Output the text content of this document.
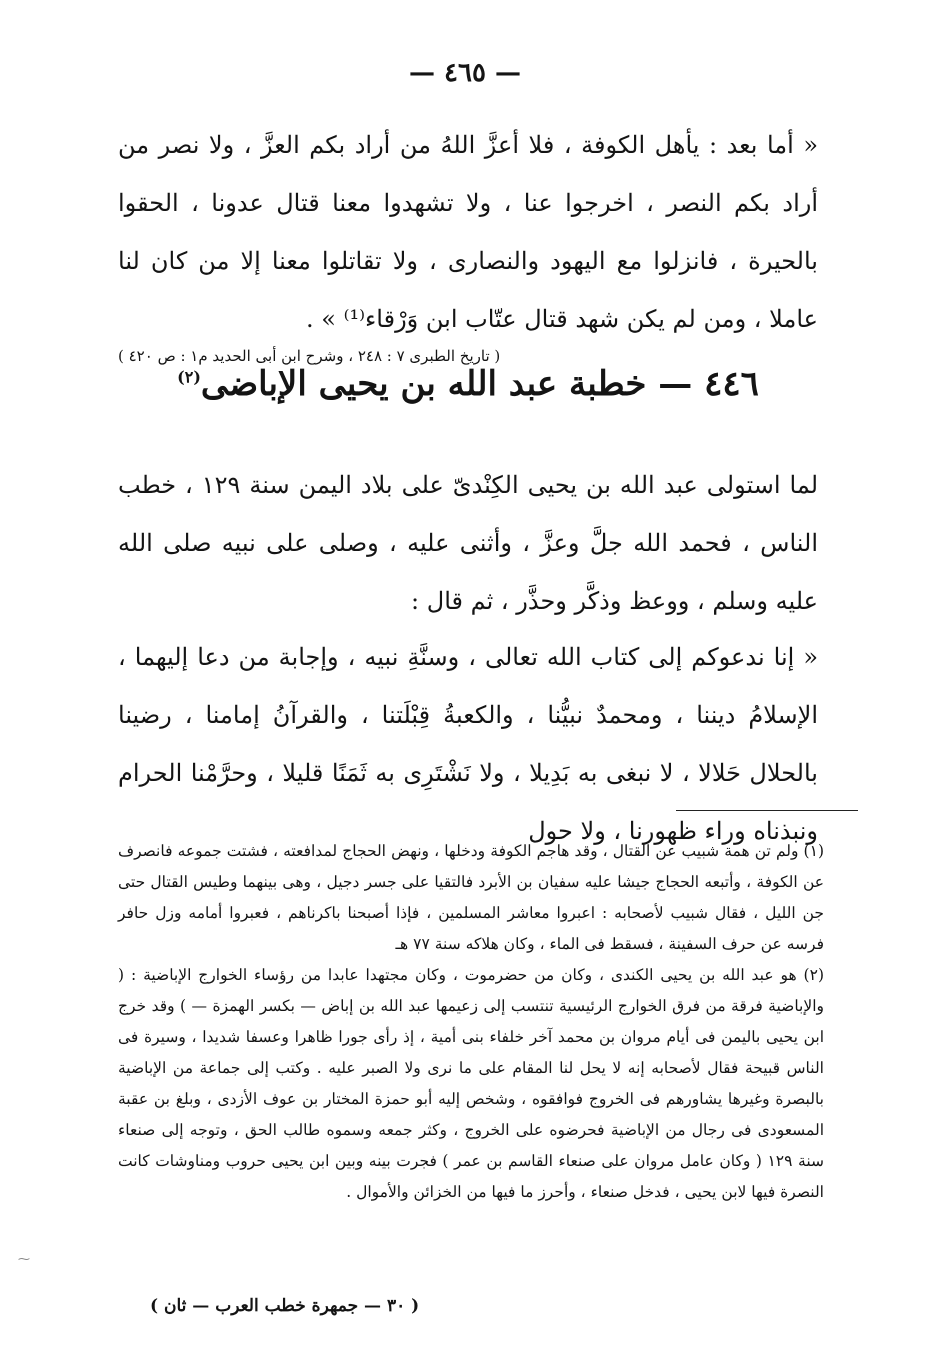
— ٤٦٥ —

« أما بعد : يأهل الكوفة ، فلا أعزَّ اللهُ من أراد بكم العزَّ ، ولا نصر من أراد بكم النصر ، اخرجوا عنا ، ولا تشهدوا معنا قتال عدونا ، الحقوا بالحيرة ، فانزلوا مع اليهود والنصارى ، ولا تقاتلوا معنا إلا من كان لنا عاملا ، ومن لم يكن شهد قتال عتّاب ابن وَرْقاء⁽¹⁾ » .

( تاريخ الطبرى ٧ : ٢٤٨ ، وشرح ابن أبى الحديد م١ : ص ٤٢٠ )
٤٤٦ — خطبة عبد الله بن يحيى الإباضى$^{(٢)}$

لما استولى عبد الله بن يحيى الكِنْدىّ على بلاد اليمن سنة ١٢٩ ، خطب الناس ، فحمد الله جلَّ وعزَّ ، وأثنى عليه ، وصلى على نبيه صلى الله عليه وسلم ، ووعظ وذكَّر وحذَّر ، ثم قال :

« إنا ندعوكم إلى كتاب الله تعالى ، وسنَّةِ نبيه ، وإجابة من دعا إليهما ، الإسلامُ ديننا ، ومحمدٌ نبيُّنا ، والكعبةُ قِبْلَتنا ، والقرآنُ إمامنا ، رضينا بالحلال حَلالا ، لا نبغى به بَدِيلا ، ولا نَشْتَرِى به ثَمَنًا قليلا ، وحرَّمْنا الحرام ونبذناه وراء ظهورنا ، ولا حول

(١) ولم تن همة شبيب عن القتال ، وقد هاجم الكوفة ودخلها ، ونهض الحجاج لمدافعته ، فشتت جموعه فانصرف عن الكوفة ، وأتبعه الحجاج جيشا عليه سفيان بن الأبرد فالتقيا على جسر دجيل ، وهى بينهما وطيس القتال حتى جن الليل ، فقال شبيب لأصحابه : اعبروا معاشر المسلمين ، فإذا أصبحنا باكرناهم ، فعبروا أمامه وزل حافر فرسه عن حرف السفينة ، فسقط فى الماء ، وكان هلاكه سنة ٧٧ هـ

(٢) هو عبد الله بن يحيى الكندى ، وكان من حضرموت ، وكان مجتهدا عابدا من رؤساء الخوارج الإباضية : ( والإباضية فرقة من فرق الخوارج الرئيسية تنتسب إلى زعيمها عبد الله بن إباض — بكسر الهمزة — ) وقد خرج ابن يحيى باليمن فى أيام مروان بن محمد آخر خلفاء بنى أمية ، إذ رأى جورا ظاهرا وعسفا شديدا ، وسيرة فى الناس قبيحة فقال لأصحابه إنه لا يحل لنا المقام على ما نرى ولا الصبر عليه . وكتب إلى جماعة من الإباضية بالبصرة وغيرها يشاورهم فى الخروج فوافقوه ، وشخص إليه أبو حمزة المختار بن عوف الأزدى ، وبلغ بن عقبة المسعودى فى رجال من الإباضية فحرضوه على الخروج ، وكثر جمعه وسموه طالب الحق ، وتوجه إلى صنعاء سنة ١٢٩ ( وكان عامل مروان على صنعاء القاسم بن عمر ) فجرت بينه وبين ابن يحيى حروب ومناوشات كانت النصرة فيها لابن يحيى ، فدخل صنعاء ، وأحرز ما فيها من الخزائن والأموال .

( ٣٠ — جمهرة خطب العرب — ثان )
⁓
